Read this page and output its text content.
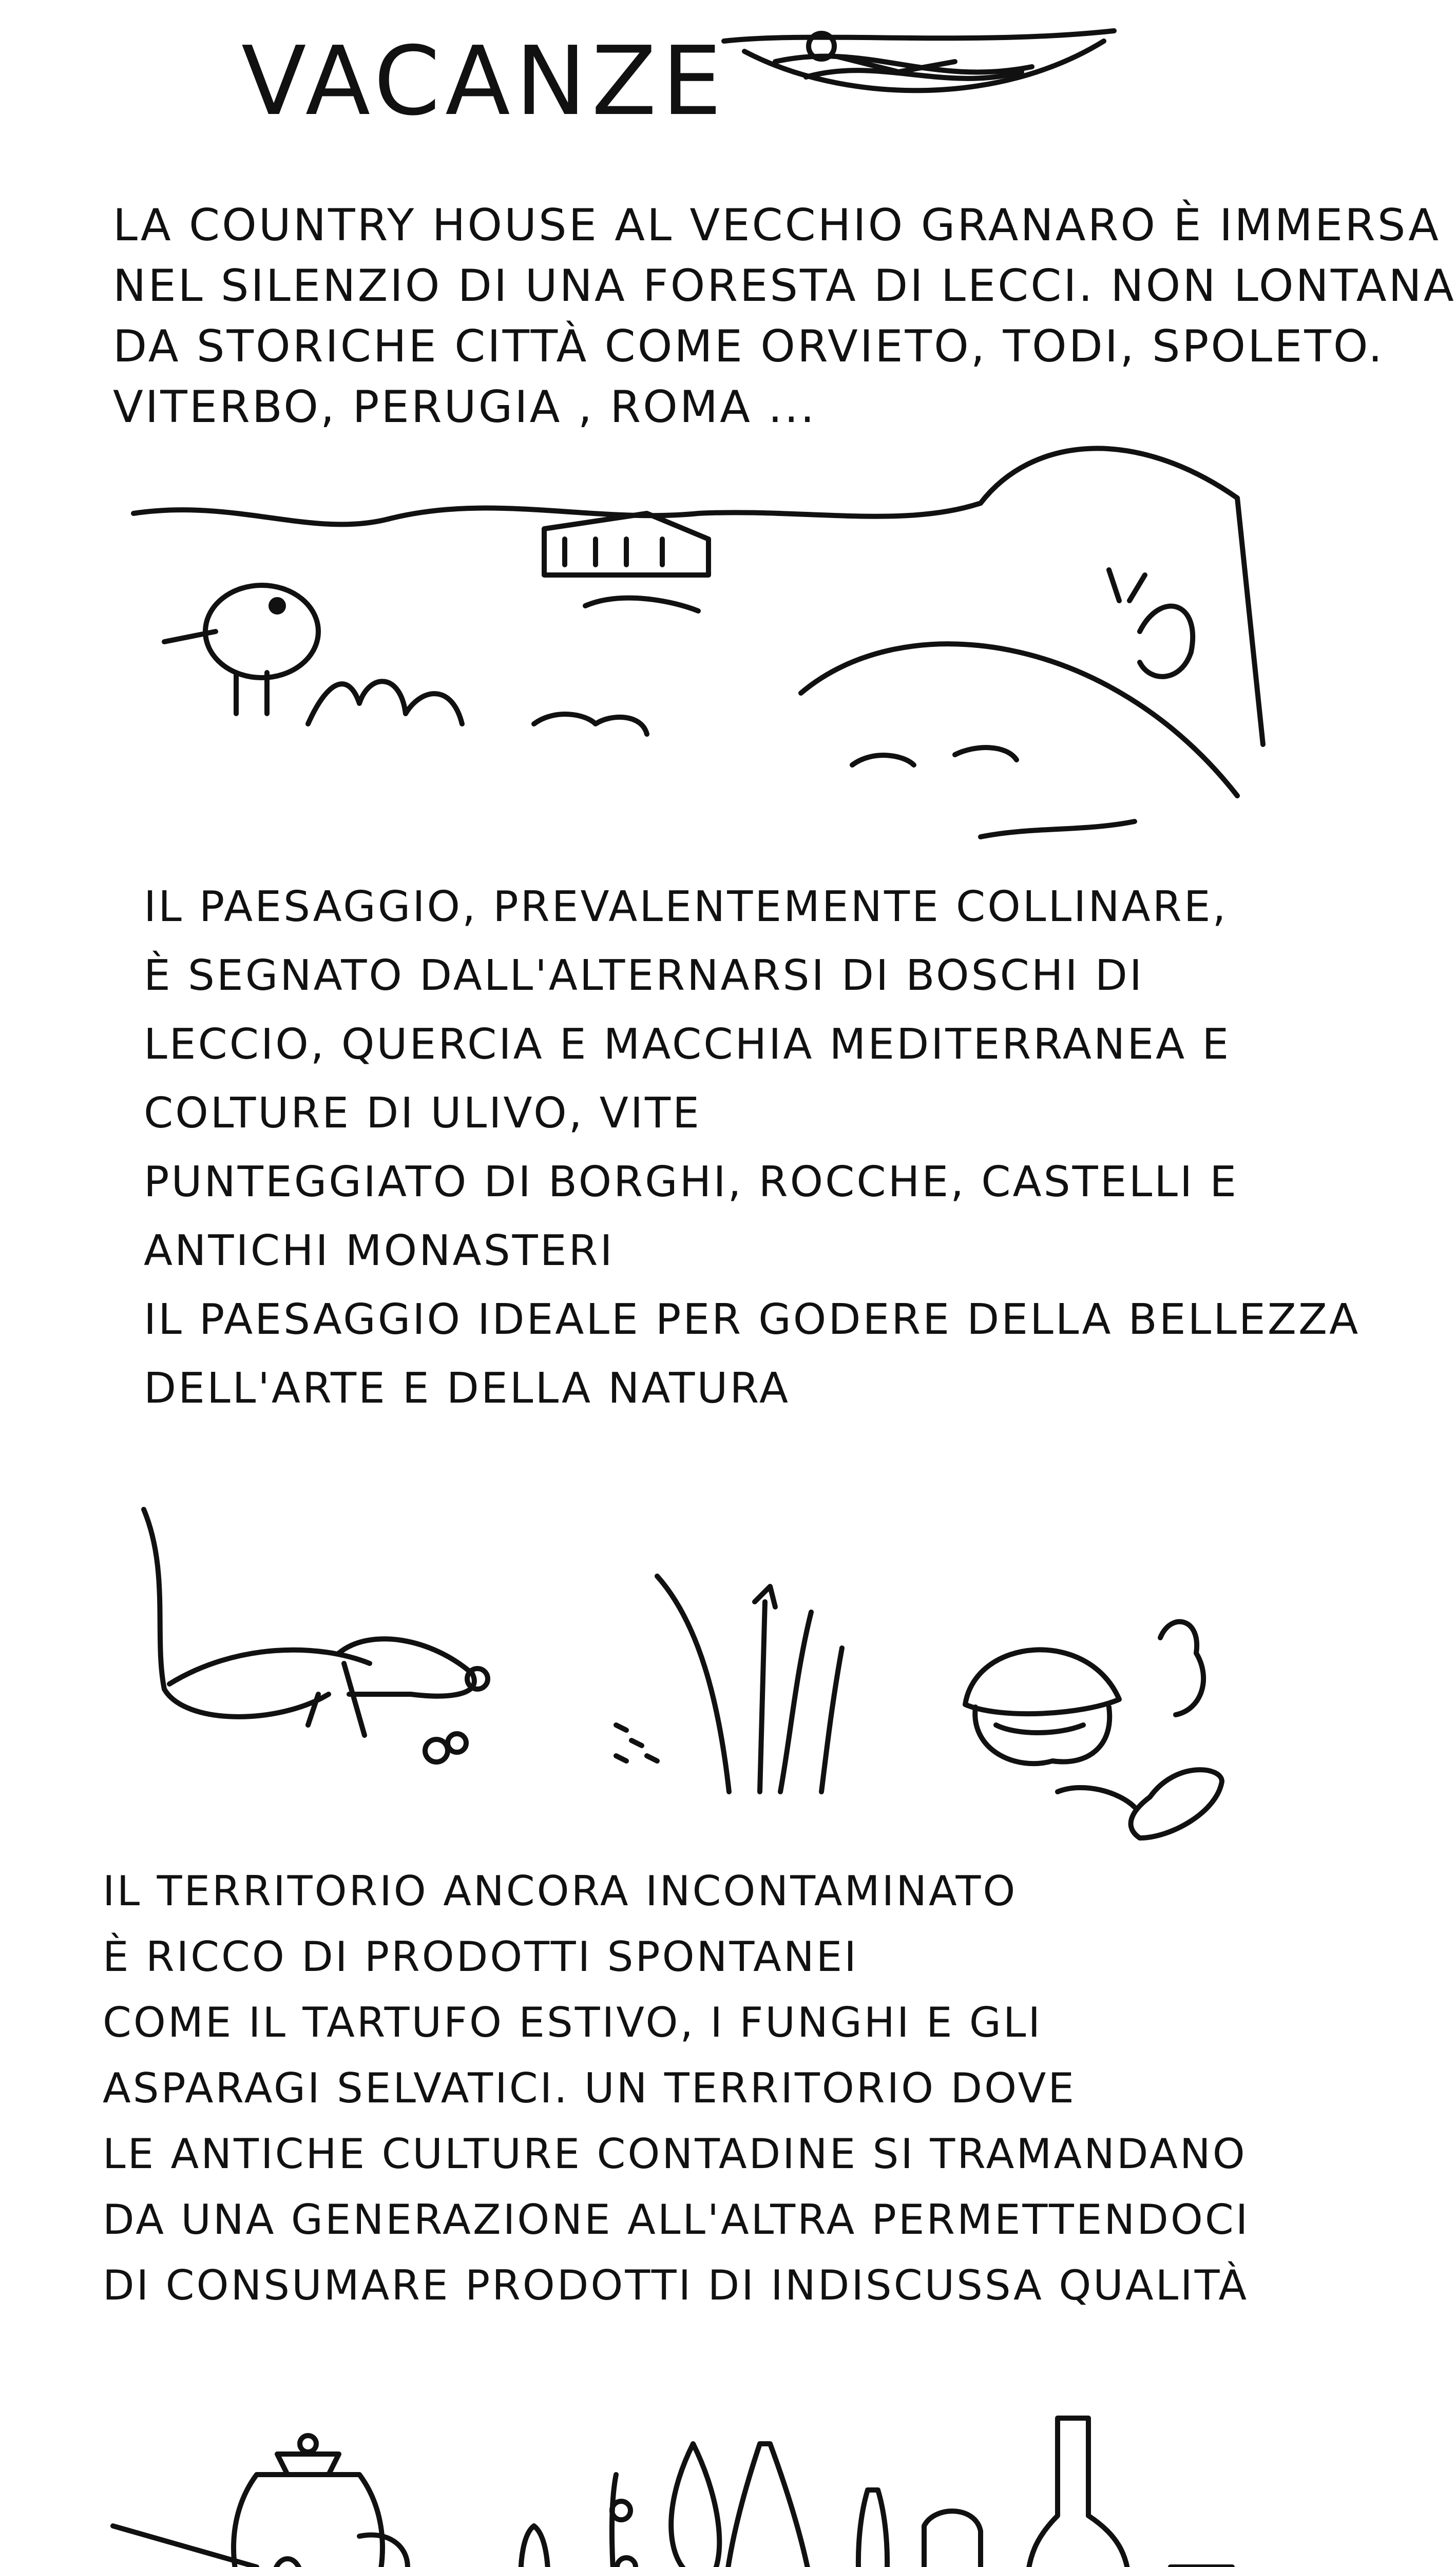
VACANZE
LA COUNTRY HOUSE AL VECCHIO GRANARO È IMMERSA
NEL SILENZIO DI UNA FORESTA DI LECCI. NON LONTANA
DA STORICHE CITTÀ COME ORVIETO, TODI, SPOLETO.
VITERBO, PERUGIA , ROMA ...
IL PAESAGGIO, PREVALENTEMENTE COLLINARE,
È SEGNATO DALL'ALTERNARSI DI BOSCHI DI
LECCIO, QUERCIA E MACCHIA MEDITERRANEA E
COLTURE DI ULIVO, VITE
PUNTEGGIATO DI BORGHI, ROCCHE, CASTELLI E
ANTICHI MONASTERI
IL PAESAGGIO IDEALE PER GODERE DELLA BELLEZZA
DELL'ARTE E DELLA NATURA
IL TERRITORIO ANCORA INCONTAMINATO
È RICCO DI PRODOTTI SPONTANEI
COME IL TARTUFO ESTIVO, I FUNGHI E GLI
ASPARAGI SELVATICI. UN TERRITORIO DOVE
LE ANTICHE CULTURE CONTADINE SI TRAMANDANO
DA UNA GENERAZIONE ALL'ALTRA PERMETTENDOCI
DI CONSUMARE PRODOTTI DI INDISCUSSA QUALITÀ
